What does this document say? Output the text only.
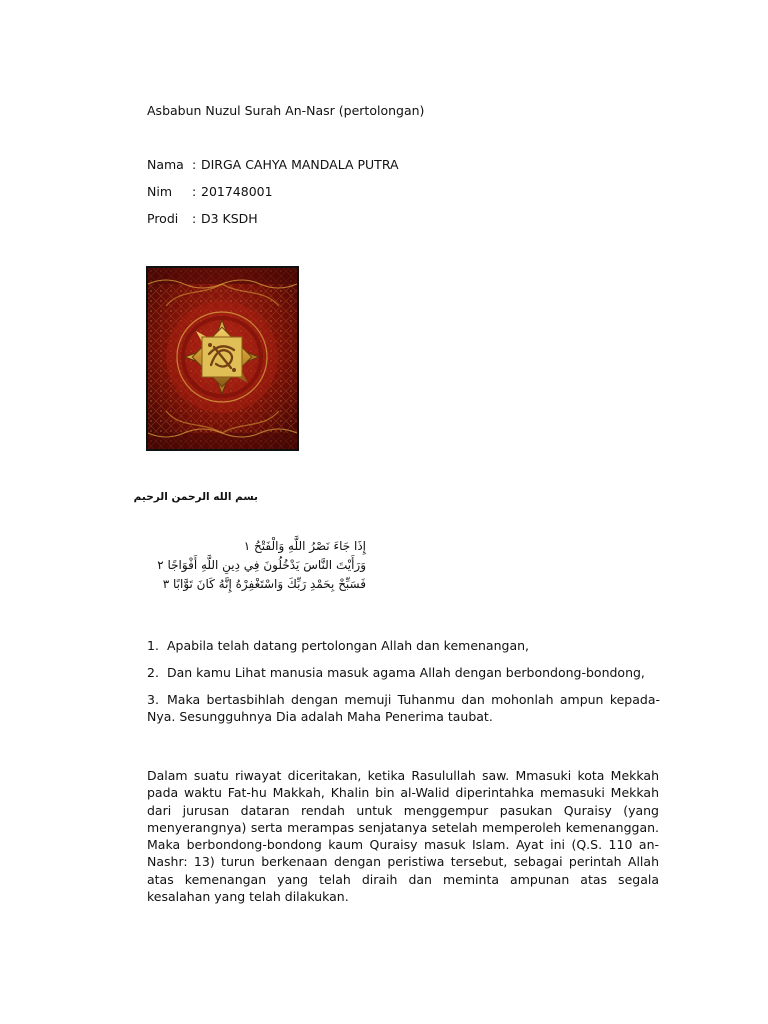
Asbabun Nuzul Surah An-Nasr (pertolongan)
Nama : DIRGA CAHYA MANDALA PUTRA
Nim : 201748001
Prodi : D3 KSDH
بسم الله الرحمن الرحيم
إِذَا جَاءَ نَصْرُ اللَّهِ وَالْفَتْحُ ١
وَرَأَيْتَ النَّاسَ يَدْخُلُونَ فِي دِينِ اللَّهِ أَفْوَاجًا ٢
فَسَبِّحْ بِحَمْدِ رَبِّكَ وَاسْتَغْفِرْهُ إِنَّهُ كَانَ تَوَّابًا ٣

1. Apabila telah datang pertolongan Allah dan kemenangan,

2. Dan kamu Lihat manusia masuk agama Allah dengan berbondong-bondong,

3. Maka bertasbihlah dengan memuji Tuhanmu dan mohonlah ampun kepada-Nya. Sesungguhnya Dia adalah Maha Penerima taubat.

Dalam suatu riwayat diceritakan, ketika Rasulullah saw. Mmasuki kota Mekkah pada waktu Fat-hu Makkah, Khalin bin al-Walid diperintahka memasuki Mekkah dari jurusan dataran rendah untuk menggempur pasukan Quraisy (yang menyerangnya) serta merampas senjatanya setelah memperoleh kemenanggan. Maka berbondong-bondong kaum Quraisy masuk Islam. Ayat ini (Q.S. 110 an-Nashr: 13) turun berkenaan dengan peristiwa tersebut, sebagai perintah Allah atas kemenangan yang telah diraih dan meminta ampunan atas segala kesalahan yang telah dilakukan.
